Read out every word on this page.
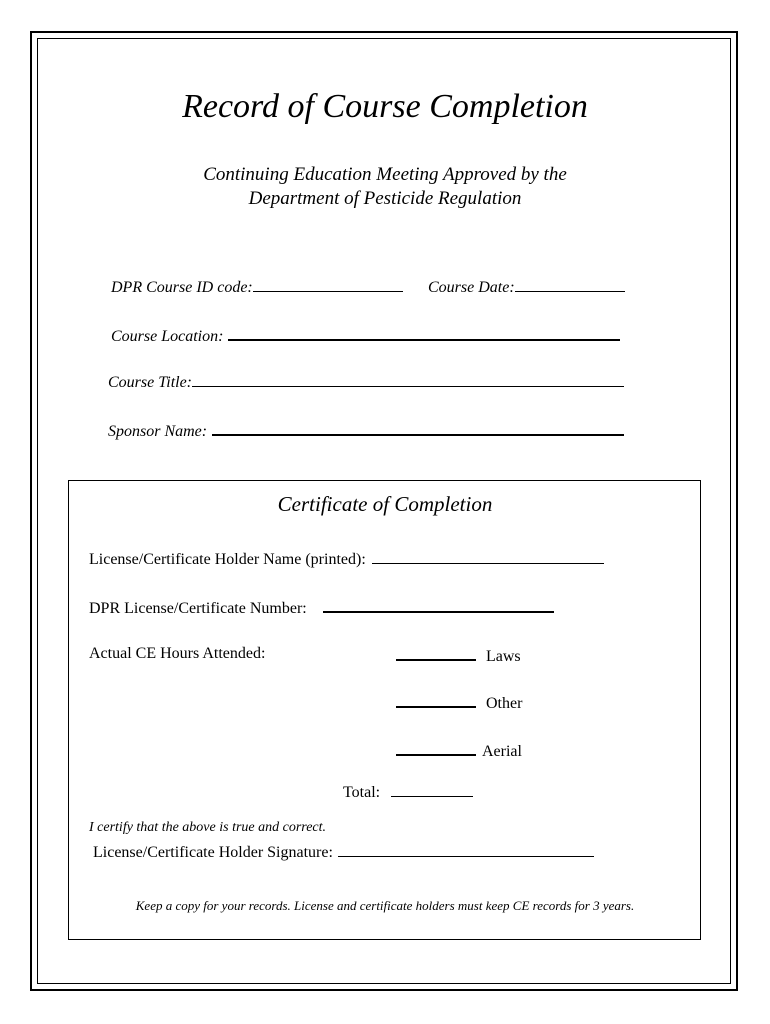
Record of Course Completion
Continuing Education Meeting Approved by the
Department of Pesticide Regulation
DPR Course ID code:	Course Date:
Course Location:
Course Title:
Sponsor Name:
Certificate of Completion
License/Certificate Holder Name (printed):
DPR License/Certificate Number:
Actual CE Hours Attended:	Laws
Other
Aerial
Total:
I certify that the above is true and correct.
License/Certificate Holder Signature:
Keep a copy for your records. License and certificate holders must keep CE records for 3 years.
